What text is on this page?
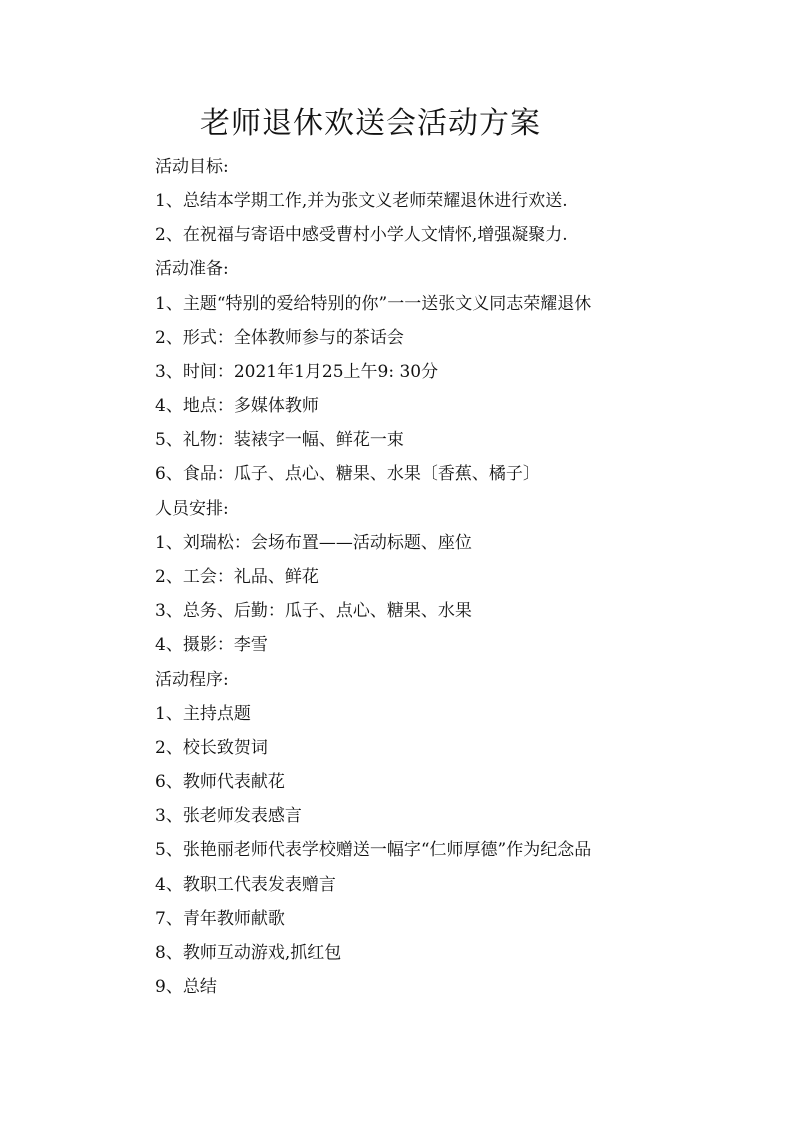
老师退休欢送会活动方案
活动目标:
1、总结本学期工作,并为张文义老师荣耀退休进行欢送.
2、在祝福与寄语中感受曹村小学人文情怀,增强凝聚力.
活动准备:
1、主题“特别的爱给特别的你”一一送张文义同志荣耀退休
2、形式：全体教师参与的茶话会
3、时间：2021年1月25上午9: 30分
4、地点：多媒体教师
5、礼物：装裱字一幅、鲜花一束
6、食品：瓜子、点心、糖果、水果〔香蕉、橘子〕
人员安排:
1、刘瑞松：会场布置——活动标题、座位
2、工会：礼品、鲜花
3、总务、后勤：瓜子、点心、糖果、水果
4、摄影：李雪
活动程序:
1、主持点题
2、校长致贺词
6、教师代表献花
3、张老师发表感言
5、张艳丽老师代表学校赠送一幅字“仁师厚德”作为纪念品
4、教职工代表发表赠言
7、青年教师献歌
8、教师互动游戏,抓红包
9、总结
